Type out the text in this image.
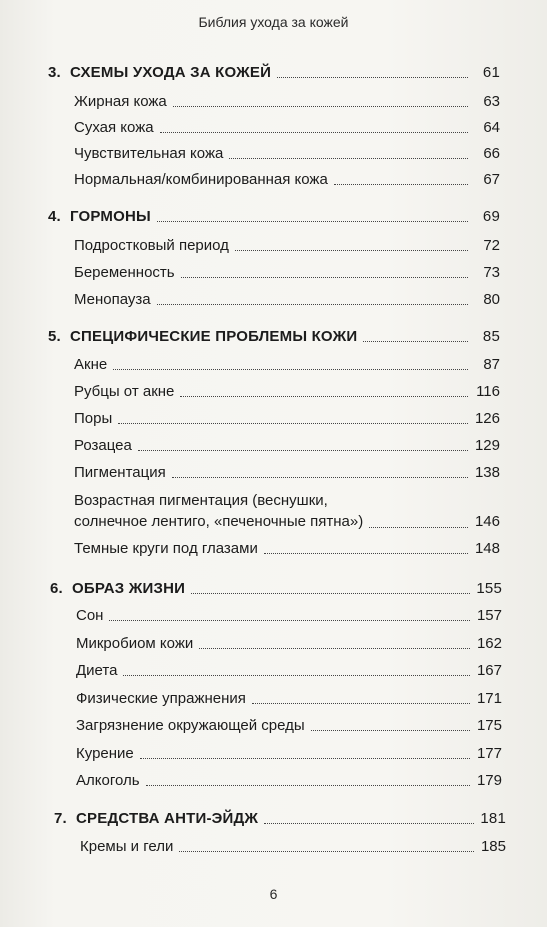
Библия ухода за кожей
3. СХЕМЫ УХОДА ЗА КОЖЕЙ	61
Жирная кожа	63
Сухая кожа	64
Чувствительная кожа	66
Нормальная/комбинированная кожа	67
4. ГОРМОНЫ	69
Подростковый период	72
Беременность	73
Менопауза	80
5. СПЕЦИФИЧЕСКИЕ ПРОБЛЕМЫ КОЖИ	85
Акне	87
Рубцы от акне	116
Поры	126
Розацеа	129
Пигментация	138
Возрастная пигментация (веснушки,
солнечное лентиго, «печеночные пятна»)	146
Темные круги под глазами	148
6. ОБРАЗ ЖИЗНИ	155
Сон	157
Микробиом кожи	162
Диета	167
Физические упражнения	171
Загрязнение окружающей среды	175
Курение	177
Алкоголь	179
7. СРЕДСТВА АНТИ-ЭЙДЖ	181
Кремы и гели	185
6
